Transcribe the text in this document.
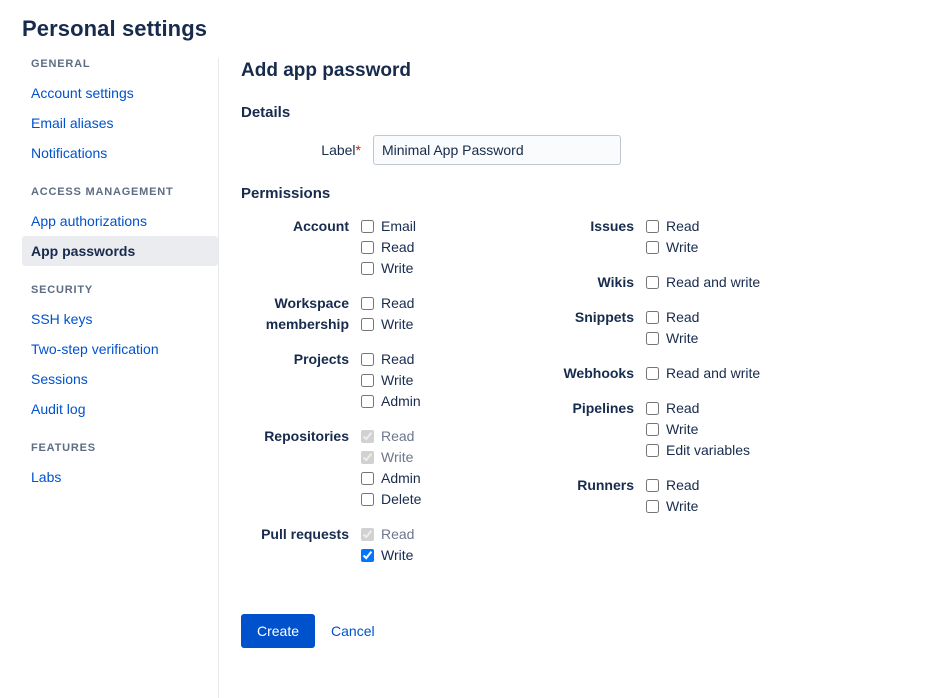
Personal settings
GENERAL
Account settings
Email aliases
Notifications
ACCESS MANAGEMENT
App authorizations
App passwords
SECURITY
SSH keys
Two-step verification
Sessions
Audit log
FEATURES
Labs
Add app password
Details
Label*
Minimal App Password
Permissions
Account	Email
Read
Write
Workspace membership
Read
Write
Projects	Read
Write
Admin
Repositories	Read
Write
Admin
Delete
Pull requests	Read
Write
Issues	Read
Write
Wikis	Read and write
Snippets	Read
Write
Webhooks	Read and write
Pipelines	Read
Write
Edit variables
Runners	Read
Write
Create	Cancel
